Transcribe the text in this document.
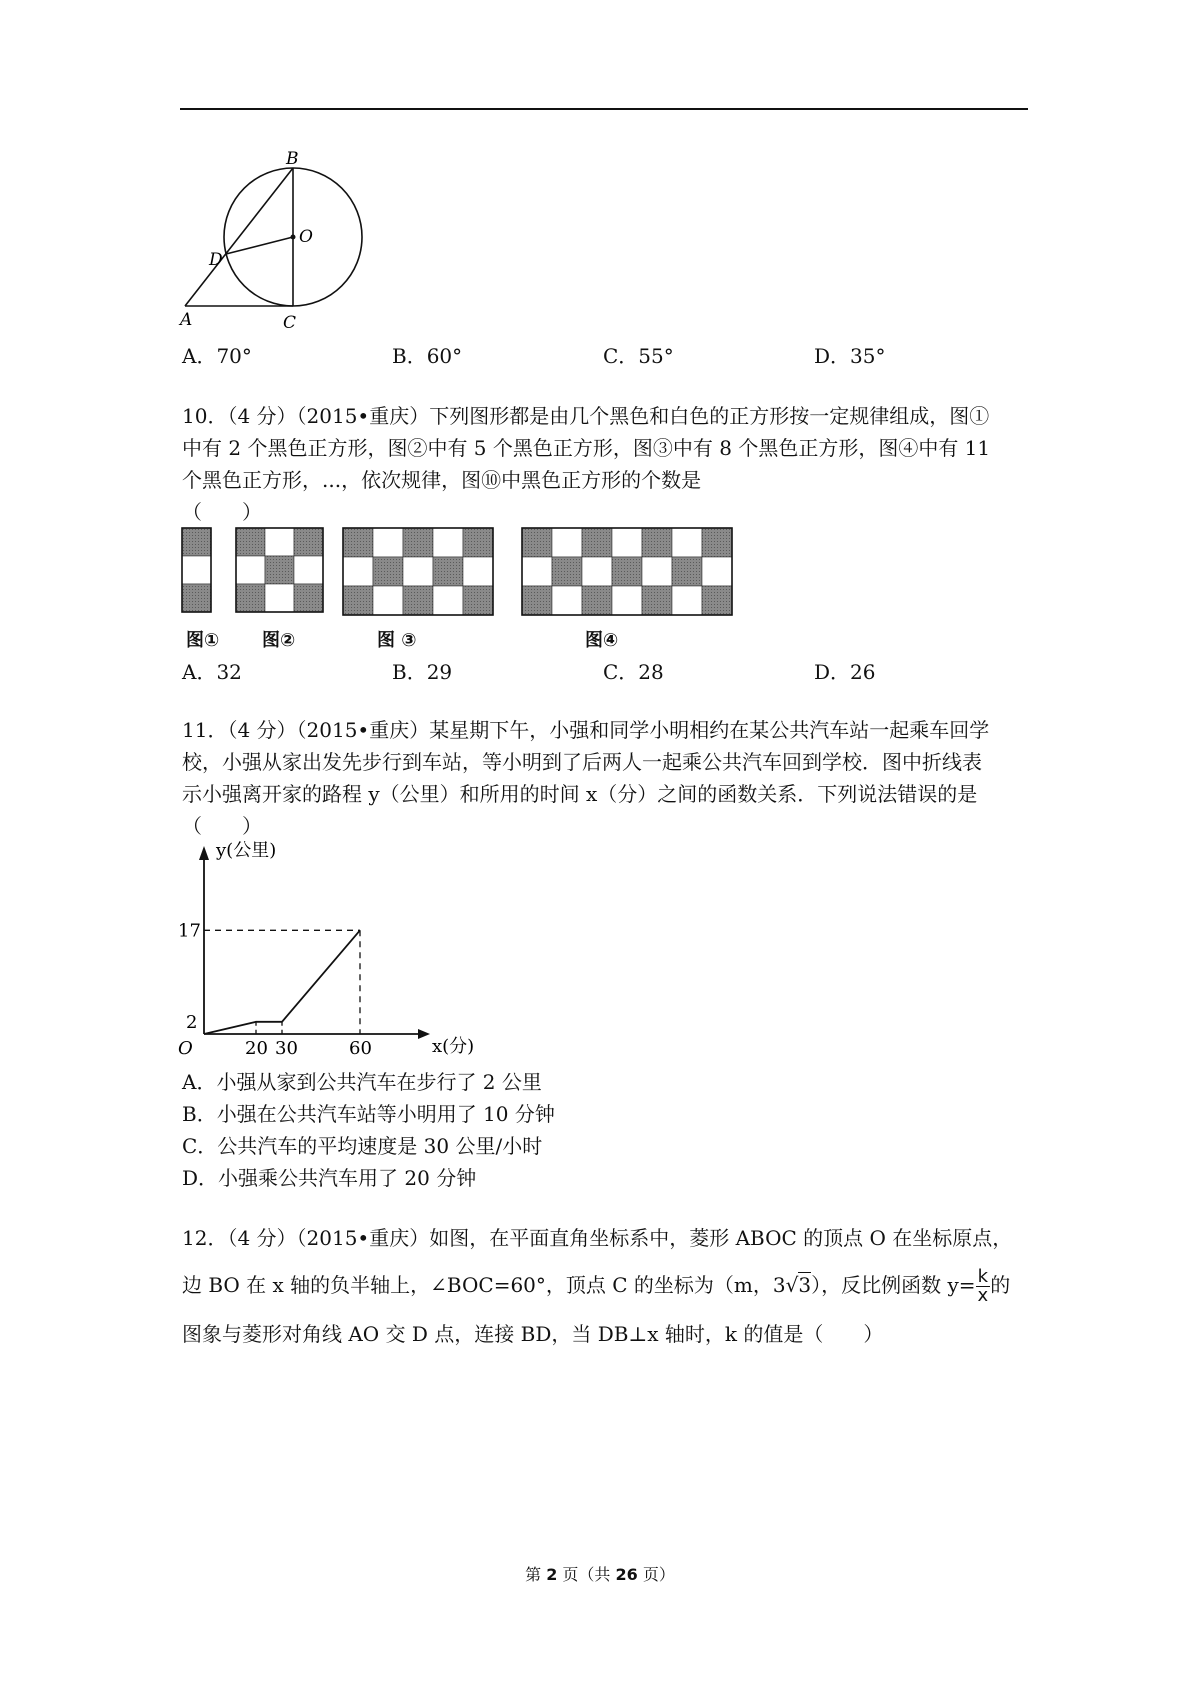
B
O
D
A	C
A．70°	B．60°	C．55°	D．35°
10．（4 分）（2015•重庆）下列图形都是由几个黑色和白色的正方形按一定规律组成，图①
中有 2 个黑色正方形，图②中有 5 个黑色正方形，图③中有 8 个黑色正方形，图④中有 11
个黑色正方形，...，依次规律，图⑩中黑色正方形的个数是
（　　）
图① 图②	图 ③	图④
A．32	B．29	C．28	D．26
11．（4 分）（2015•重庆）某星期下午，小强和同学小明相约在某公共汽车站一起乘车回学
校，小强从家出发先步行到车站，等小明到了后两人一起乘公共汽车回到学校．图中折线表
示小强离开家的路程 y（公里）和所用的时间 x（分）之间的函数关系．下列说法错误的是
（　　）
y(公里)
x(分)
O
17
2
20 30	60
A．小强从家到公共汽车在步行了 2 公里
B．小强在公共汽车站等小明用了 10 分钟
C．公共汽车的平均速度是 30 公里/小时
D．小强乘公共汽车用了 20 分钟
12．（4 分）（2015•重庆）如图，在平面直角坐标系中，菱形 ABOC 的顶点 O 在坐标原点，
边 BO 在 x 轴的负半轴上，∠BOC=60°，顶点 C 的坐标为（m，3√3），反比例函数 $y= \frac{k}{x}$ 的
图象与菱形对角线 AO 交 D 点，连接 BD，当 DB⊥x 轴时，k 的值是（　　）
第 2 页（共 26 页）
